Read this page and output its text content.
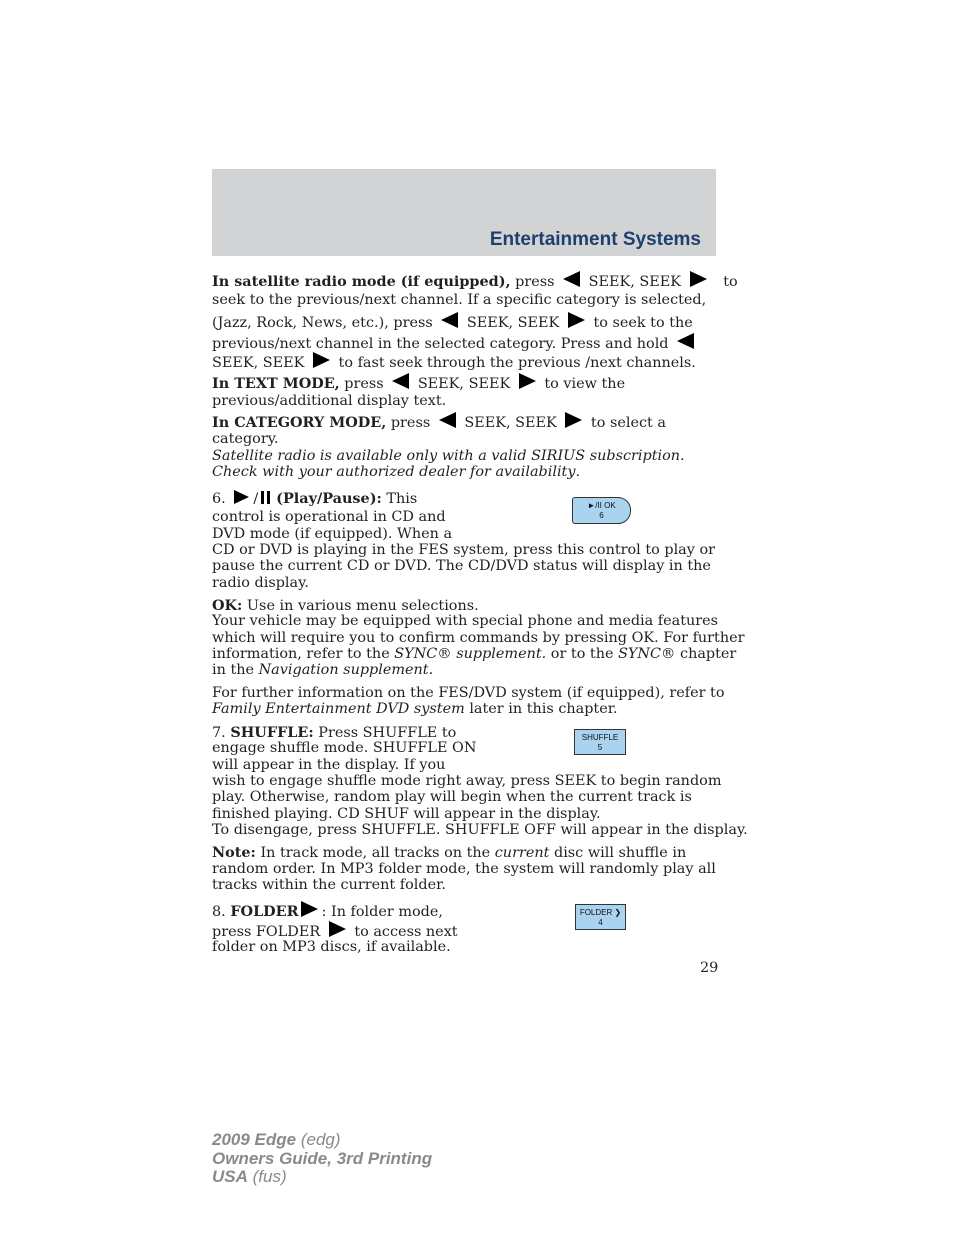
Entertainment Systems
In satellite radio mode (if equipped), press SEEK, SEEK	to
seek to the previous/next channel. If a specific category is selected,
(Jazz, Rock, News, etc.), press SEEK, SEEK to seek to the
previous/next channel in the selected category. Press and hold
SEEK, SEEK to fast seek through the previous /next channels.
In TEXT MODE, press SEEK, SEEK to view the
previous/additional display text.
In CATEGORY MODE, press SEEK, SEEK to select a
category.
Satellite radio is available only with a valid SIRIUS subscription.
Check with your authorized dealer for availability.
6. / (Play/Pause): This
control is operational in CD and
DVD mode (if equipped). When a
CD or DVD is playing in the FES system, press this control to play or
pause the current CD or DVD. The CD/DVD status will display in the
radio display.
►/II OK
6
OK: Use in various menu selections.
Your vehicle may be equipped with special phone and media features
which will require you to confirm commands by pressing OK. For further
information, refer to the SYNC® supplement. or to the SYNC® chapter
in the Navigation supplement.
For further information on the FES/DVD system (if equipped), refer to
Family Entertainment DVD system later in this chapter.
7. SHUFFLE: Press SHUFFLE to
engage shuffle mode. SHUFFLE ON
will appear in the display. If you
wish to engage shuffle mode right away, press SEEK to begin random
play. Otherwise, random play will begin when the current track is
finished playing. CD SHUF will appear in the display.
To disengage, press SHUFFLE. SHUFFLE OFF will appear in the display.
SHUFFLE
5
Note: In track mode, all tracks on the current disc will shuffle in
random order. In MP3 folder mode, the system will randomly play all
tracks within the current folder.
8. FOLDER : In folder mode,
press FOLDER to access next
folder on MP3 discs, if available.
FOLDER ❯
4
29
2009 Edge (edg)
Owners Guide, 3rd Printing
USA (fus)
